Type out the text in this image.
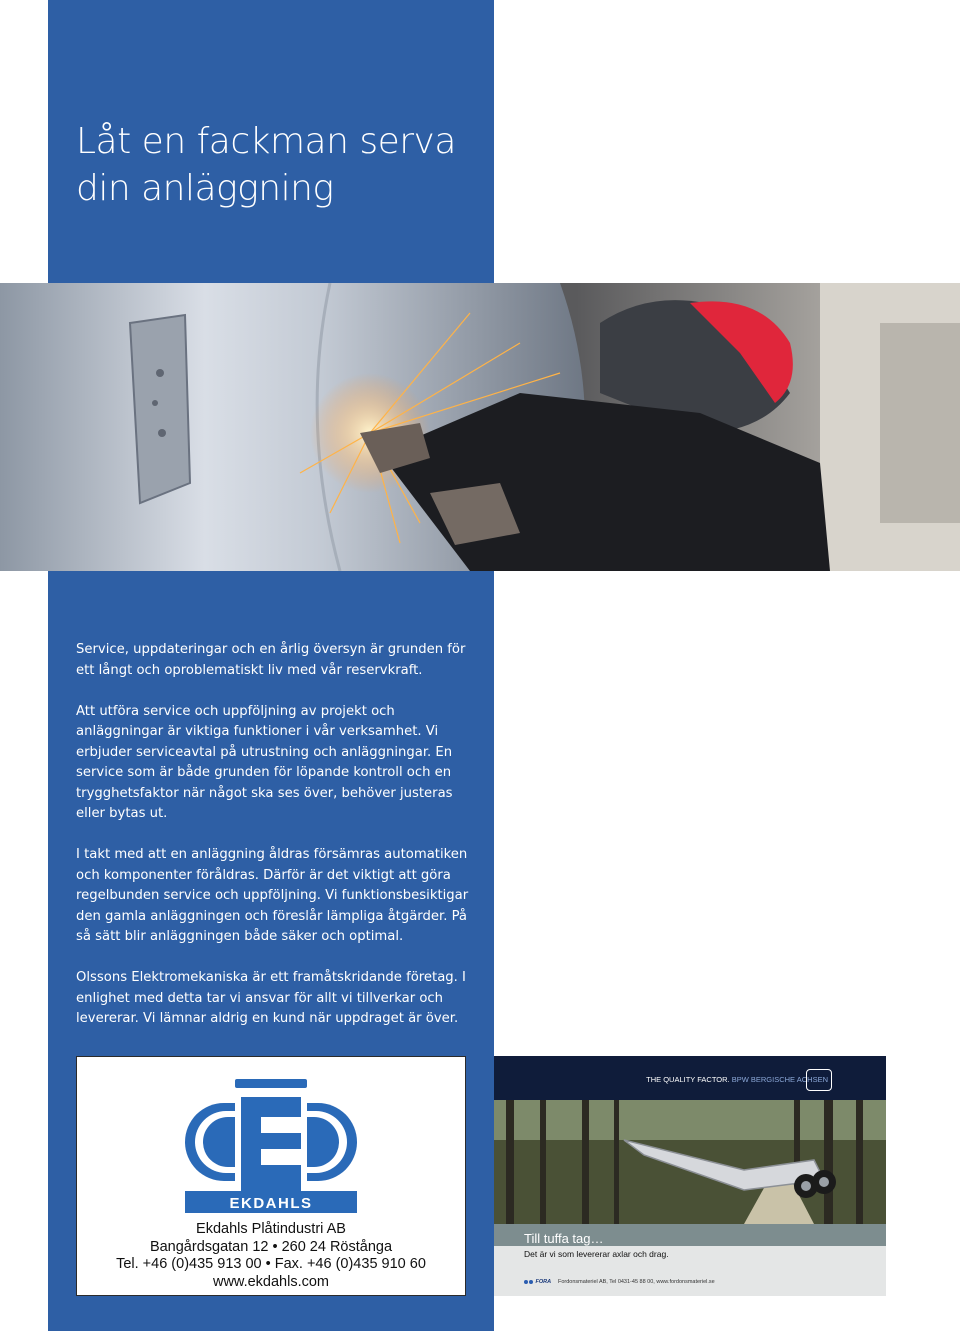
Låt en fackman serva
din anläggning

Service, uppdateringar och en årlig översyn är grunden för ett långt och oproblematiskt liv med vår reservkraft.

Att utföra service och uppföljning av projekt och anläggningar är viktiga funktioner i vår verksamhet. Vi erbjuder serviceavtal på utrustning och anläggningar. En service som är både grunden för löpande kontroll och en trygghetsfaktor när något ska ses över, behöver justeras eller bytas ut.

I takt med att en anläggning åldras försämras automatiken och komponenter föråldras. Därför är det viktigt att göra regelbunden service och uppföljning. Vi funktionsbesiktigar den gamla anläggningen och föreslår lämpliga åtgärder. På så sätt blir anläggningen både säker och optimal.

Olssons Elektromekaniska är ett framåtskridande företag. I enlighet med detta tar vi ansvar för allt vi tillverkar och levererar. Vi lämnar aldrig en kund när uppdraget är över.

EKDAHLS
Ekdahls Plåtindustri AB
Bangårdsgatan 12 • 260 24 Röstånga
Tel. +46 (0)435 913 00 • Fax. +46 (0)435 910 60
www.ekdahls.com
THE QUALITY FACTOR. BPW BERGISCHE ACHSEN
Till tuffa tag…
Det är vi som levererar axlar och drag.
FORA Fordonsmateriel AB, Tel 0431-45 88 00, www.fordonsmateriel.se
